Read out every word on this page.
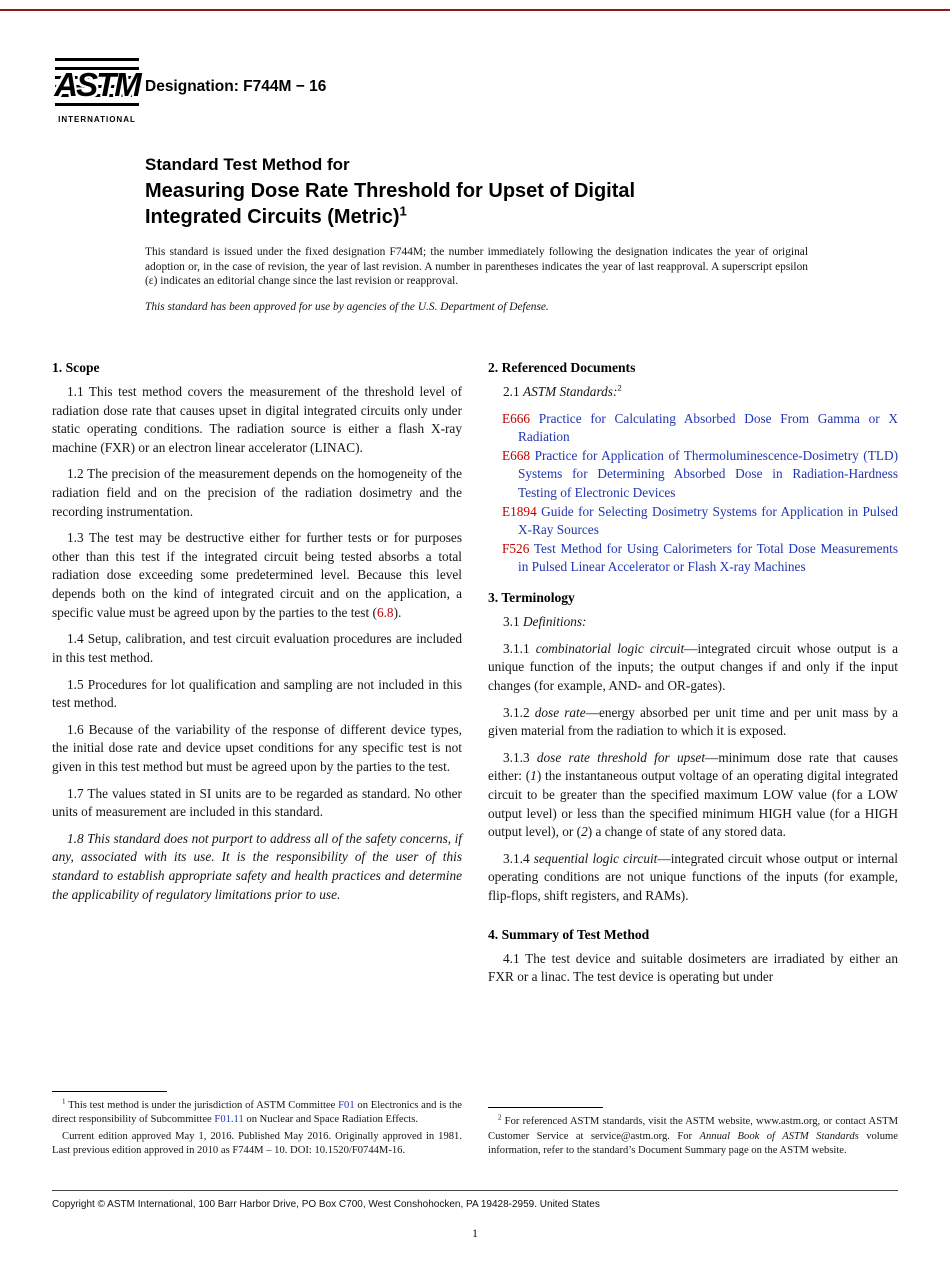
ASTM
INTERNATIONAL
Designation: F744M − 16
Standard Test Method for
Measuring Dose Rate Threshold for Upset of Digital Integrated Circuits (Metric)$^1$

This standard is issued under the fixed designation F744M; the number immediately following the designation indicates the year of original adoption or, in the case of revision, the year of last revision. A number in parentheses indicates the year of last reapproval. A superscript epsilon (ε) indicates an editorial change since the last revision or reapproval.

This standard has been approved for use by agencies of the U.S. Department of Defense.

1. Scope

1.1 This test method covers the measurement of the threshold level of radiation dose rate that causes upset in digital integrated circuits only under static operating conditions. The radiation source is either a flash X-ray machine (FXR) or an electron linear accelerator (LINAC).

1.2 The precision of the measurement depends on the homogeneity of the radiation field and on the precision of the radiation dosimetry and the recording instrumentation.

1.3 The test may be destructive either for further tests or for purposes other than this test if the integrated circuit being tested absorbs a total radiation dose exceeding some predetermined level. Because this level depends both on the kind of integrated circuit and on the application, a specific value must be agreed upon by the parties to the test (6.8).

1.4 Setup, calibration, and test circuit evaluation procedures are included in this test method.

1.5 Procedures for lot qualification and sampling are not included in this test method.

1.6 Because of the variability of the response of different device types, the initial dose rate and device upset conditions for any specific test is not given in this test method but must be agreed upon by the parties to the test.

1.7 The values stated in SI units are to be regarded as standard. No other units of measurement are included in this standard.

1.8 This standard does not purport to address all of the safety concerns, if any, associated with its use. It is the responsibility of the user of this standard to establish appropriate safety and health practices and determine the applicability of regulatory limitations prior to use.

$^1$ This test method is under the jurisdiction of ASTM Committee F01 on Electronics and is the direct responsibility of Subcommittee F01.11 on Nuclear and Space Radiation Effects.

Current edition approved May 1, 2016. Published May 2016. Originally approved in 1981. Last previous edition approved in 2010 as F744M – 10. DOI: 10.1520/F0744M-16.

2. Referenced Documents

2.1 ASTM Standards:$^2$

E666 Practice for Calculating Absorbed Dose From Gamma or X Radiation

E668 Practice for Application of Thermoluminescence-Dosimetry (TLD) Systems for Determining Absorbed Dose in Radiation-Hardness Testing of Electronic Devices

E1894 Guide for Selecting Dosimetry Systems for Application in Pulsed X-Ray Sources

F526 Test Method for Using Calorimeters for Total Dose Measurements in Pulsed Linear Accelerator or Flash X-ray Machines

3. Terminology

3.1 Definitions:

3.1.1 combinatorial logic circuit—integrated circuit whose output is a unique function of the inputs; the output changes if and only if the input changes (for example, AND- and OR-gates).

3.1.2 dose rate—energy absorbed per unit time and per unit mass by a given material from the radiation to which it is exposed.

3.1.3 dose rate threshold for upset—minimum dose rate that causes either: (1) the instantaneous output voltage of an operating digital integrated circuit to be greater than the specified maximum LOW value (for a LOW output level) or less than the specified minimum HIGH value (for a HIGH output level), or (2) a change of state of any stored data.

3.1.4 sequential logic circuit—integrated circuit whose output or internal operating conditions are not unique functions of the inputs (for example, flip-flops, shift registers, and RAMs).

4. Summary of Test Method

4.1 The test device and suitable dosimeters are irradiated by either an FXR or a linac. The test device is operating but under

$^2$ For referenced ASTM standards, visit the ASTM website, www.astm.org, or contact ASTM Customer Service at service@astm.org. For Annual Book of ASTM Standards volume information, refer to the standard’s Document Summary page on the ASTM website.

Copyright © ASTM International, 100 Barr Harbor Drive, PO Box C700, West Conshohocken, PA 19428-2959. United States

1
